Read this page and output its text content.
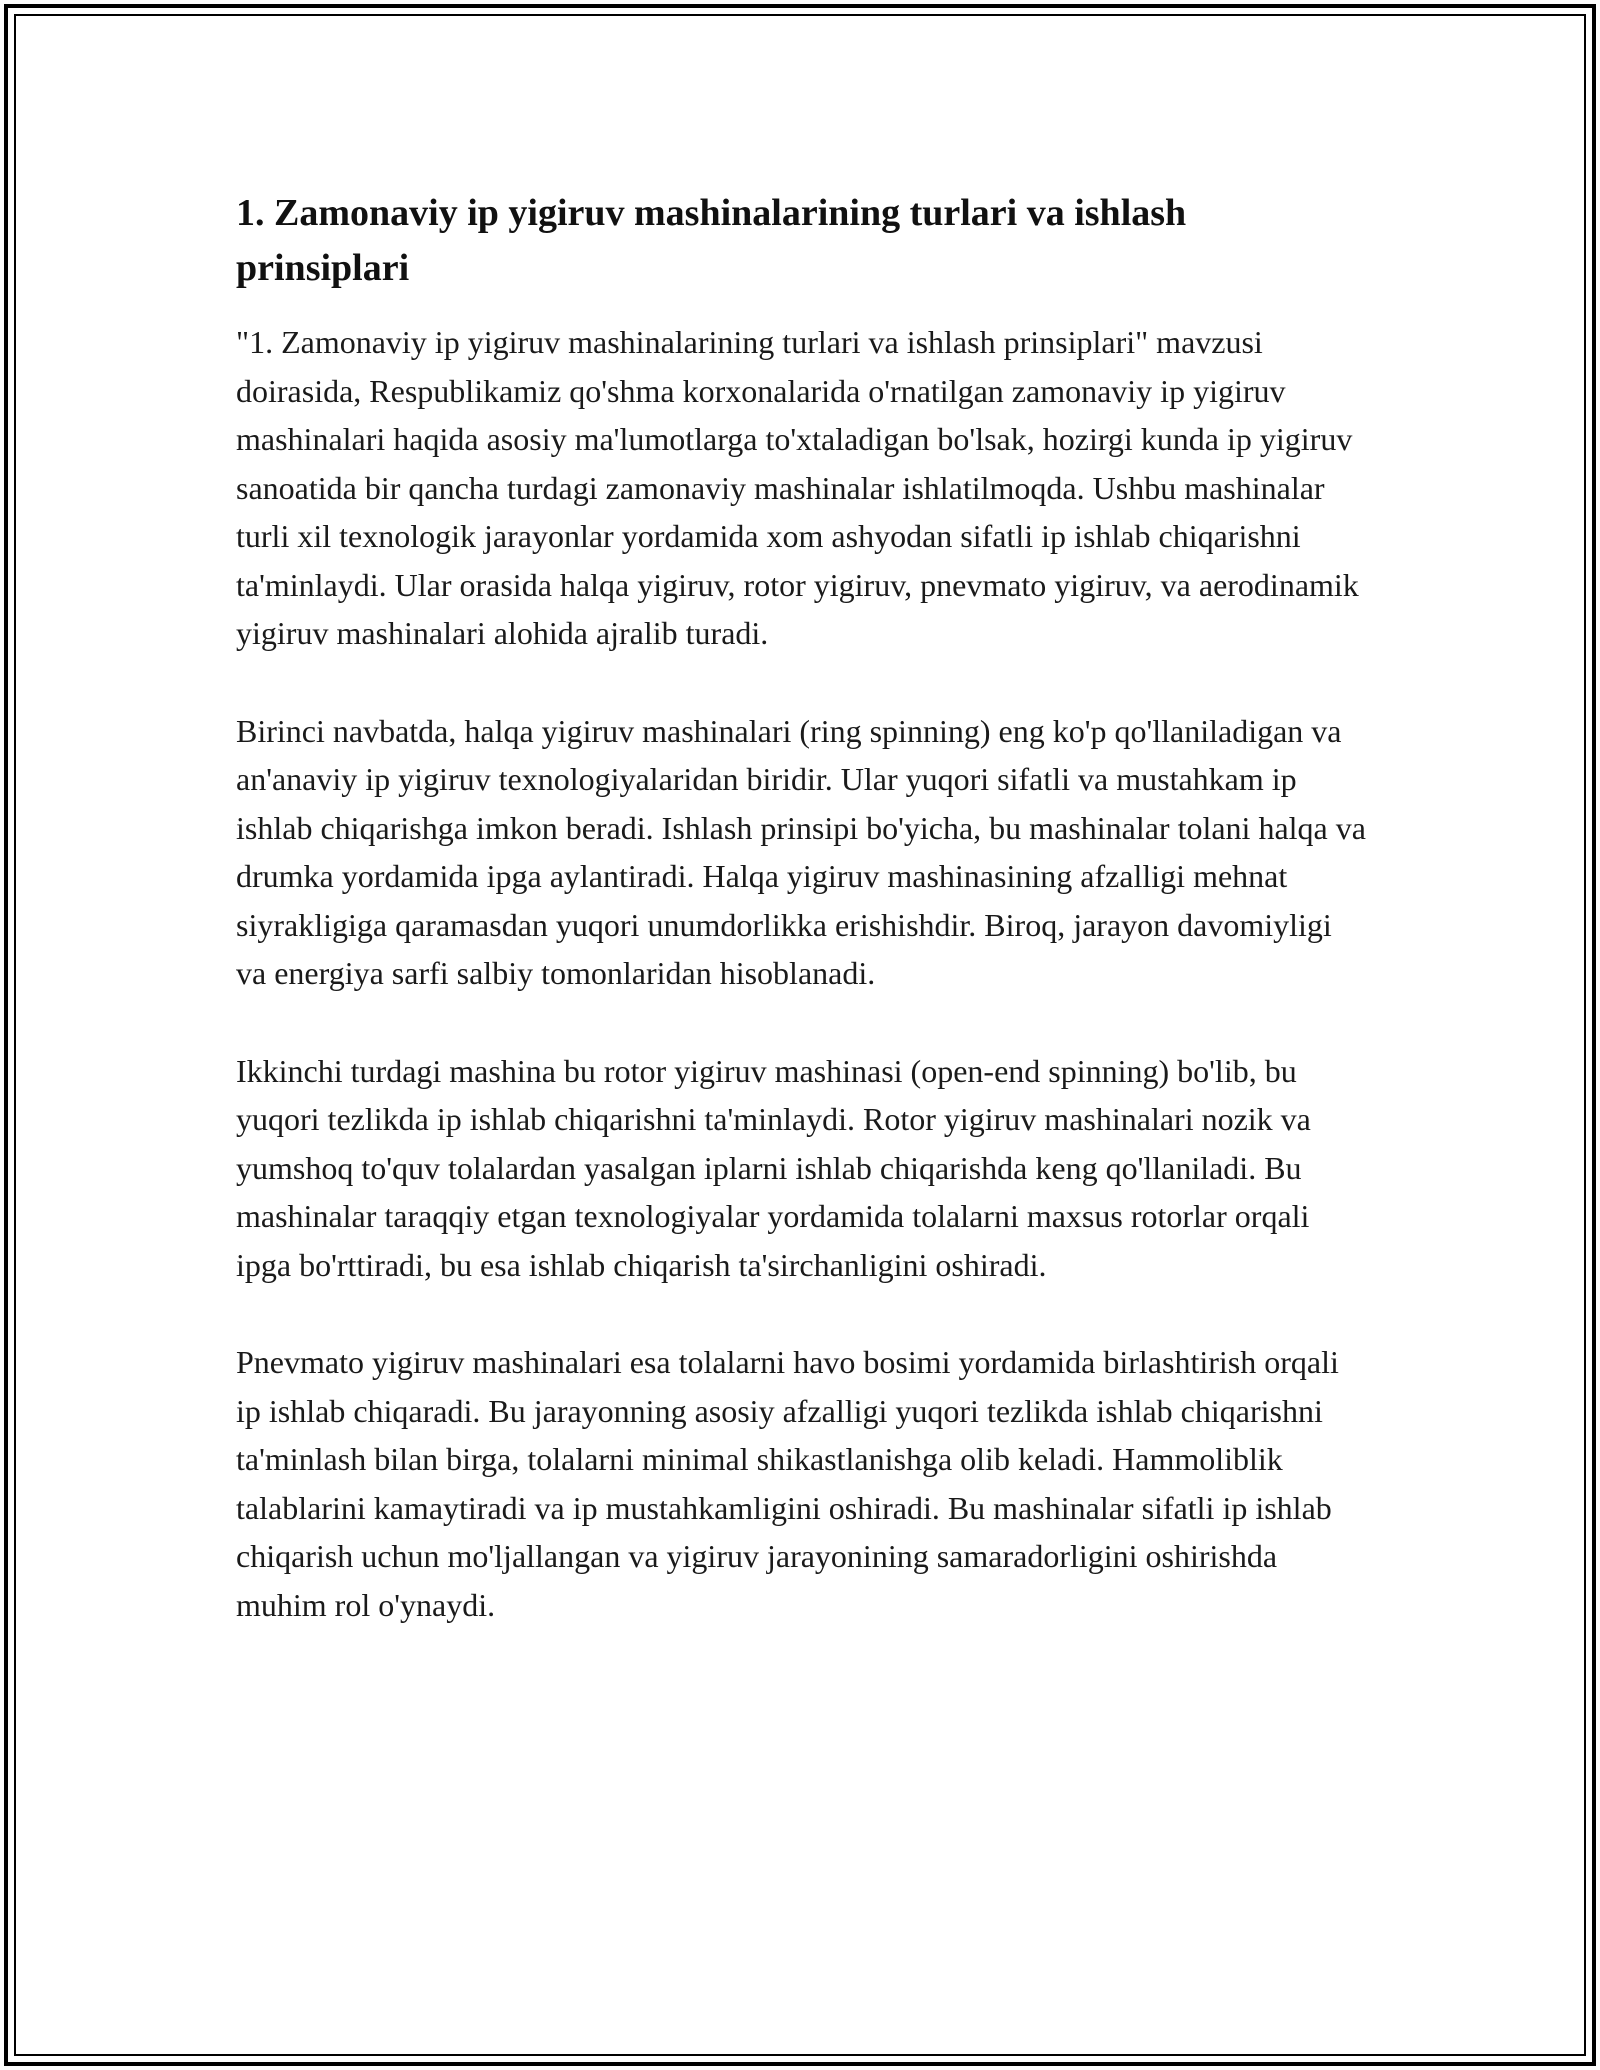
1. Zamonaviy ip yigiruv mashinalarining turlari va ishlash prinsiplari

"1. Zamonaviy ip yigiruv mashinalarining turlari va ishlash prinsiplari" mavzusi doirasida, Respublikamiz qo'shma korxonalarida o'rnatilgan zamonaviy ip yigiruv mashinalari haqida asosiy ma'lumotlarga to'xtaladigan bo'lsak, hozirgi kunda ip yigiruv sanoatida bir qancha turdagi zamonaviy mashinalar ishlatilmoqda. Ushbu mashinalar turli xil texnologik jarayonlar yordamida xom ashyodan sifatli ip ishlab chiqarishni ta'minlaydi. Ular orasida halqa yigiruv, rotor yigiruv, pnevmato yigiruv, va aerodinamik yigiruv mashinalari alohida ajralib turadi.

Birinci navbatda, halqa yigiruv mashinalari (ring spinning) eng ko'p qo'llaniladigan va an'anaviy ip yigiruv texnologiyalaridan biridir. Ular yuqori sifatli va mustahkam ip ishlab chiqarishga imkon beradi. Ishlash prinsipi bo'yicha, bu mashinalar tolani halqa va drumka yordamida ipga aylantiradi. Halqa yigiruv mashinasining afzalligi mehnat siyrakligiga qaramasdan yuqori unumdorlikka erishishdir. Biroq, jarayon davomiyligi va energiya sarfi salbiy tomonlaridan hisoblanadi.

Ikkinchi turdagi mashina bu rotor yigiruv mashinasi (open-end spinning) bo'lib, bu yuqori tezlikda ip ishlab chiqarishni ta'minlaydi. Rotor yigiruv mashinalari nozik va yumshoq to'quv tolalardan yasalgan iplarni ishlab chiqarishda keng qo'llaniladi. Bu mashinalar taraqqiy etgan texnologiyalar yordamida tolalarni maxsus rotorlar orqali ipga bo'rttiradi, bu esa ishlab chiqarish ta'sirchanligini oshiradi.

Pnevmato yigiruv mashinalari esa tolalarni havo bosimi yordamida birlashtirish orqali ip ishlab chiqaradi. Bu jarayonning asosiy afzalligi yuqori tezlikda ishlab chiqarishni ta'minlash bilan birga, tolalarni minimal shikastlanishga olib keladi. Hammoliblik talablarini kamaytiradi va ip mustahkamligini oshiradi. Bu mashinalar sifatli ip ishlab chiqarish uchun mo'ljallangan va yigiruv jarayonining samaradorligini oshirishda muhim rol o'ynaydi.
